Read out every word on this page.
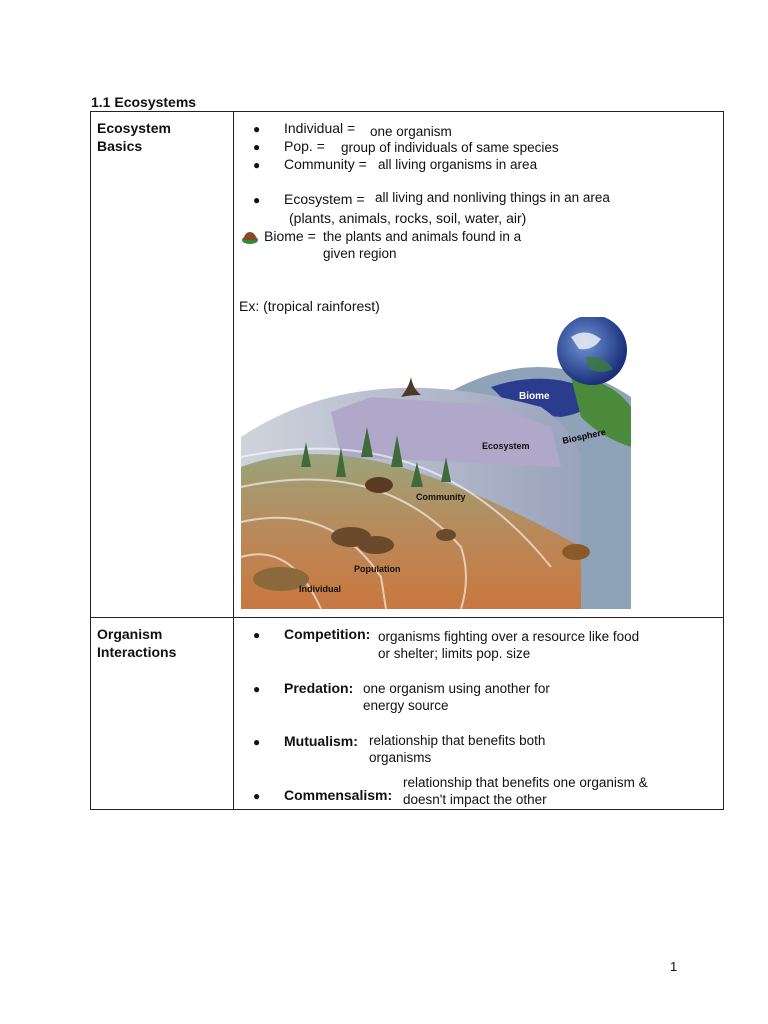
1.1 Ecosystems
Ecosystem
Basics
● Individual = one organism
● Pop. = group of individuals of same species
● Community = all living organisms in area
● Ecosystem = all living and nonliving things in an area
(plants, animals, rocks, soil, water, air)
Biome = the plants and animals found in a
given region
Ex: (tropical rainforest)
Biosphere
Biome
Ecosystem
Community
Population
Individual
Organism
Interactions
● Competition: organisms fighting over a resource like food
or shelter; limits pop. size
● Predation: one organism using another for
energy source
● Mutualism: relationship that benefits both
organisms
● Commensalism:
relationship that benefits one organism &
doesn't impact the other
1
